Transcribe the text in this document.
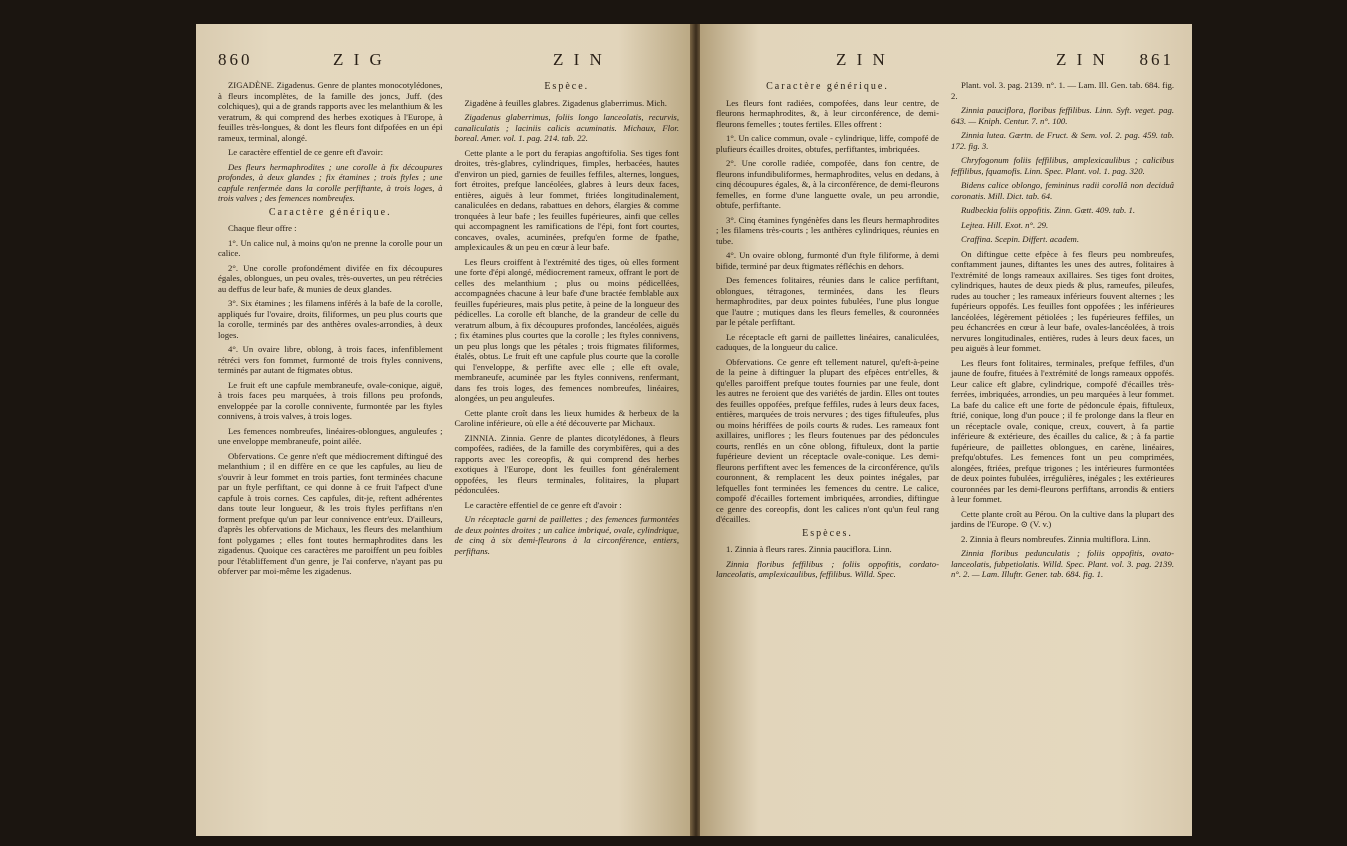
860	Z I G	Z I N

ZIGADÈNE. Zigadenus. Genre de plantes monocotylédones, à fleurs incomplètes, de la famille des joncs, Juff. (des colchiques), qui a de grands rapports avec les melanthium & les veratrum, & qui comprend des herbes exotiques à l'Europe, à feuilles très-longues, & dont les fleurs font difpofées en un épi rameux, terminal, alongé.

Le caractère effentiel de ce genre eft d'avoir:

Des fleurs hermaphrodites ; une corolle à fix découpures profondes, à deux glandes ; fix étamines ; trois ftyles ; une capfule renfermée dans la corolle perfiftante, à trois loges, à trois valves ; des femences nombreufes.

Caractère générique.

Chaque fleur offre :

1°. Un calice nul, à moins qu'on ne prenne la corolle pour un calice.

2°. Une corolle profondément divifée en fix découpures égales, oblongues, un peu ovales, très-ouvertes, un peu rétrécies au deffus de leur bafe, & munies de deux glandes.

3°. Six étamines ; les filamens inférés à la bafe de la corolle, appliqués fur l'ovaire, droits, filiformes, un peu plus courts que la corolle, terminés par des anthères ovales-arrondies, à deux loges.

4°. Un ovaire libre, oblong, à trois faces, infenfiblement rétréci vers fon fommet, furmonté de trois ftyles connivens, terminés par autant de ftigmates obtus.

Le fruit eft une capfule membraneufe, ovale-conique, aiguë, à trois faces peu marquées, à trois fillons peu profonds, enveloppée par la corolle connivente, furmontée par les ftyles connivens, à trois valves, à trois loges.

Les femences nombreufes, linéaires-oblongues, anguleufes ; une enveloppe membraneufe, point ailée.

Obfervations. Ce genre n'eft que médiocrement diftingué des melanthium ; il en diffère en ce que les capfules, au lieu de s'ouvrir à leur fommet en trois parties, font terminées chacune par un ftyle perfiftant, ce qui donne à ce fruit l'afpect d'une capfule à trois cornes. Ces capfules, dit-je, reftent adhérentes dans toute leur longueur, & les trois ftyles perfiftans n'en forment prefque qu'un par leur connivence entr'eux. D'ailleurs, d'après les obfervations de Michaux, les fleurs des melanthium font polygames ; elles font toutes hermaphrodites dans les zigadenus. Quoique ces caractères me paroiffent un peu foibles pour l'établiffement d'un genre, je l'ai conferve, n'ayant pas pu obferver par moi-même les zigadenus.

Espèce.

Zigadène à feuilles glabres. Zigadenus glaberrimus. Mich.

Zigadenus glaberrimus, foliis longo lanceolatis, recurvis, canaliculatis ; laciniis calicis acuminatis. Michaux, Flor. boreal. Amer. vol. 1. pag. 214. tab. 22.

Cette plante a le port du ferapias angoftifolia. Ses tiges font droites, très-glabres, cylindriques, fimples, herbacées, hautes d'environ un pied, garnies de feuilles feffiles, alternes, longues, fort étroites, prefque lancéolées, glabres à leurs deux faces, entières, aiguës à leur fommet, ftriées longitudinalement, canaliculées en dedans, rabattues en dehors, élargies & comme tronquées à leur bafe ; les feuilles fupérieures, ainfi que celles qui accompagnent les ramifications de l'épi, font fort courtes, concaves, ovales, acuminées, prefqu'en forme de fpathe, amplexicaules & un peu en cœur à leur bafe.

Les fleurs croiffent à l'extrémité des tiges, où elles forment une forte d'épi alongé, médiocrement rameux, offrant le port de celles des melanthium ; plus ou moins pédicellées, accompagnées chacune à leur bafe d'une bractée femblable aux feuilles fupérieures, mais plus petite, à peine de la longueur des pédicelles. La corolle eft blanche, de la grandeur de celle du veratrum album, à fix découpures profondes, lancéolées, aiguës ; fix étamines plus courtes que la corolle ; les ftyles connivens, un peu plus longs que les pétales ; trois ftigmates filiformes, étalés, obtus. Le fruit eft une capfule plus courte que la corolle qui l'enveloppe, & perfifte avec elle ; elle eft ovale, membraneufe, acuminée par les ftyles connivens, renfermant, dans fes trois loges, des femences nombreufes, linéaires, alongées, un peu anguleufes.

Cette plante croît dans les lieux humides & herbeux de la Caroline inférieure, où elle a été découverte par Michaux.

ZINNIA. Zinnia. Genre de plantes dicotylédones, à fleurs compofées, radiées, de la famille des corymbifères, qui a des rapports avec les coreopfis, & qui comprend des herbes exotiques à l'Europe, dont les feuilles font généralement oppofées, les fleurs terminales, folitaires, la plupart pédonculées.

Le caractère effentiel de ce genre eft d'avoir :

Un réceptacle garni de paillettes ; des femences furmontées de deux pointes droites ; un calice imbriqué, ovale, cylindrique, de cinq à six demi-fleurons à la circonférence, entiers, perfiftans.

Z I N	Z I N 861
Caractère générique.

Les fleurs font radiées, compofées, dans leur centre, de fleurons hermaphrodites, &, à leur circonférence, de demi-fleurons femelles ; toutes fertiles. Elles offrent :

1°. Un calice commun, ovale - cylindrique, liffe, compofé de plufieurs écailles droites, obtufes, perfiftantes, imbriquées.

2°. Une corolle radiée, compofée, dans fon centre, de fleurons infundibuliformes, hermaphrodites, velus en dedans, à cinq découpures égales, &, à la circonférence, de demi-fleurons femelles, en forme d'une languette ovale, un peu arrondie, obtufe, perfiftante.

3°. Cinq étamines fyngénèfes dans les fleurs hermaphrodites ; les filamens très-courts ; les anthères cylindriques, réunies en tube.

4°. Un ovaire oblong, furmonté d'un ftyle filiforme, à demi bifide, terminé par deux ftigmates réfléchis en dehors.

Des femences folitaires, réunies dans le calice perfiftant, oblongues, tétragones, terminées, dans les fleurs hermaphrodites, par deux pointes fubulées, l'une plus longue que l'autre ; mutiques dans les fleurs femelles, & couronnées par le pétale perfiftant.

Le réceptacle eft garni de paillettes linéaires, canaliculées, caduques, de la longueur du calice.

Obfervations. Ce genre eft tellement naturel, qu'eft-à-peine de la peine à diftinguer la plupart des efpèces entr'elles, & qu'elles paroiffent prefque toutes fournies par une feule, dont les autres ne feroient que des variétés de jardin. Elles ont toutes des feuilles oppofées, prefque feffiles, rudes à leurs deux faces, entières, marquées de trois nervures ; des tiges fiftuleufes, plus ou moins hériffées de poils courts & rudes. Les rameaux font axillaires, uniflores ; les fleurs foutenues par des pédoncules courts, renflés en un cône oblong, fiftuleux, dont la partie fupérieure devient un réceptacle ovale-conique. Les demi-fleurons perfiftent avec les femences de la circonférence, qu'ils couronnent, & remplacent les deux pointes inégales, par lefquelles font terminées les femences du centre. Le calice, compofé d'écailles fortement imbriquées, arrondies, diftingue ce genre des coreopfis, dont les calices n'ont qu'un feul rang d'écailles.

Espèces.

1. Zinnia à fleurs rares. Zinnia pauciflora. Linn.

Zinnia floribus feffilibus ; foliis oppofitis, cordato-lanceolatis, amplexicaulibus, feffilibus. Willd. Spec.

Plant. vol. 3. pag. 2139. n°. 1. — Lam. Ill. Gen. tab. 684. fig. 2.

Zinnia pauciflora, floribus feffilibus. Linn. Syft. veget. pag. 643. — Kniph. Centur. 7. n°. 100.

Zinnia lutea. Gærtn. de Fruct. & Sem. vol. 2. pag. 459. tab. 172. fig. 3.

Chryfogonum foliis feffilibus, amplexicaulibus ; calicibus feffilibus, fquamofis. Linn. Spec. Plant. vol. 1. pag. 320.

Bidens calice oblongo, femininus radii corollâ non deciduâ coronatis. Mill. Dict. tab. 64.

Rudbeckia foliis oppofitis. Zinn. Gœtt. 409. tab. 1.

Lejtea. Hill. Exot. n°. 29.

Craffina. Scepin. Differt. academ.

On diftingue cette efpèce à fes fleurs peu nombreufes, conftamment jaunes, diftantes les unes des autres, folitaires à l'extrémité de longs rameaux axillaires. Ses tiges font droites, cylindriques, hautes de deux pieds & plus, rameufes, pileufes, rudes au toucher ; les rameaux inférieurs fouvent alternes ; les fupérieurs oppofés. Les feuilles font oppofées ; les inférieures lancéolées, légèrement pétiolées ; les fupérieures feffiles, un peu échancrées en cœur à leur bafe, ovales-lancéolées, à trois nervures longitudinales, entières, rudes à leurs deux faces, un peu aiguës à leur fommet.

Les fleurs font folitaires, terminales, prefque feffiles, d'un jaune de foufre, fituées à l'extrémité de longs rameaux oppofés. Leur calice eft glabre, cylindrique, compofé d'écailles très-ferrées, imbriquées, arrondies, un peu marquées à leur fommet. La bafe du calice eft une forte de pédoncule épais, fiftuleux, ftrié, conique, long d'un pouce ; il fe prolonge dans la fleur en un réceptacle ovale, conique, creux, couvert, à fa partie inférieure & extérieure, des écailles du calice, & ; à fa partie fupérieure, de paillettes oblongues, en carène, linéaires, prefqu'obtufes. Les femences font un peu comprimées, alongées, ftriées, prefque trigones ; les intérieures furmontées de deux pointes fubulées, irrégulières, inégales ; les extérieures couronnées par les demi-fleurons perfiftans, arrondis & entiers à leur fommet.

Cette plante croît au Pérou. On la cultive dans la plupart des jardins de l'Europe. ⊙ (V. v.)

2. Zinnia à fleurs nombreufes. Zinnia multiflora. Linn.

Zinnia floribus pedunculatis ; foliis oppofitis, ovato-lanceolatis, fubpetiolatis. Willd. Spec. Plant. vol. 3. pag. 2139. n°. 2. — Lam. Illuftr. Gener. tab. 684. fig. 1.
